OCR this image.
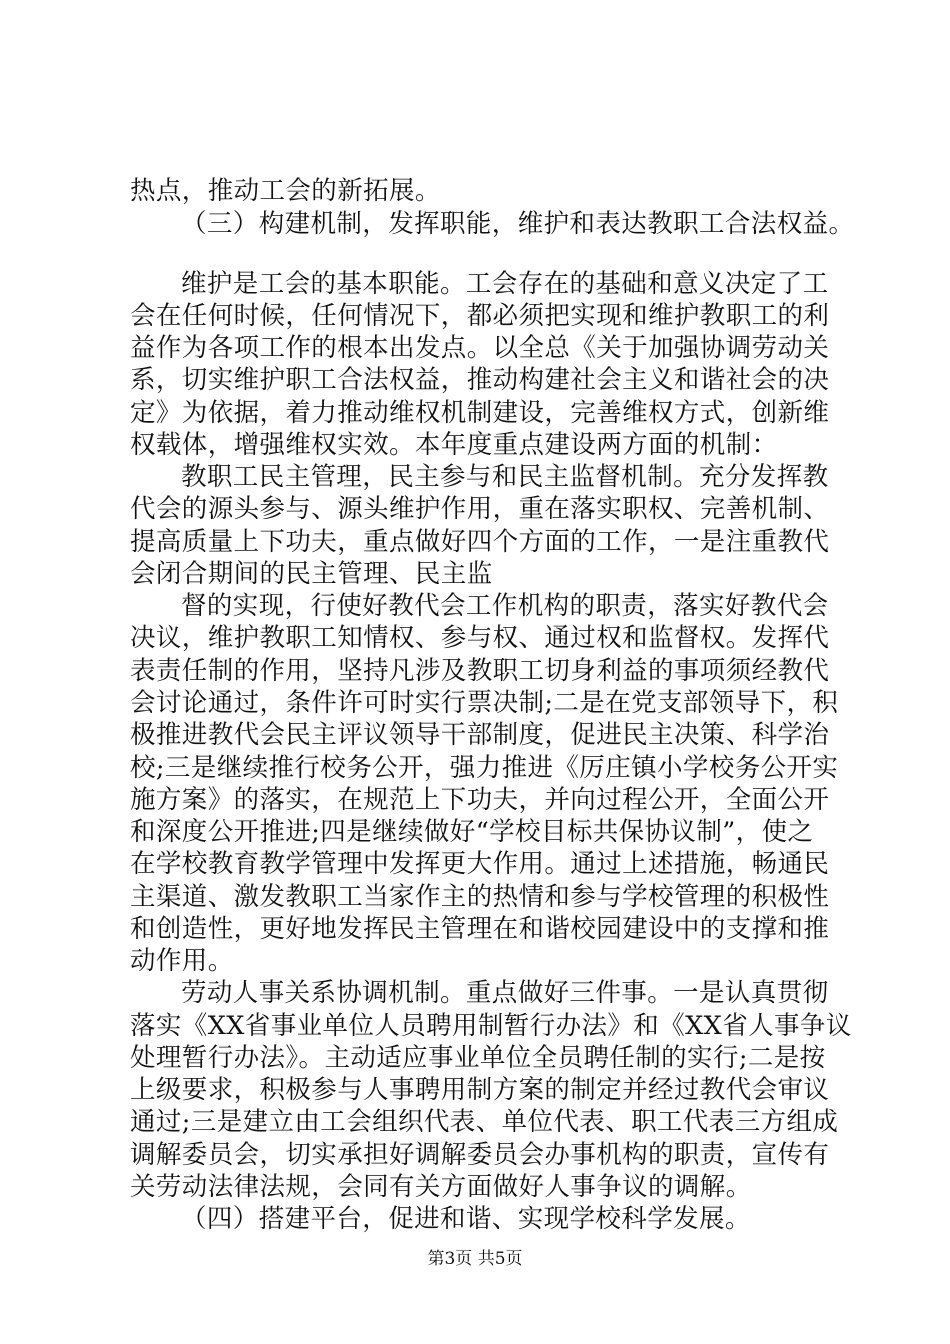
热点，推动工会的新拓展。
（三）构建机制，发挥职能，维护和表达教职工合法权益。
维护是工会的基本职能。工会存在的基础和意义决定了工
会在任何时候，任何情况下，都必须把实现和维护教职工的利
益作为各项工作的根本出发点。以全总《关于加强协调劳动关
系，切实维护职工合法权益，推动构建社会主义和谐社会的决
定》为依据，着力推动维权机制建设，完善维权方式，创新维
权载体，增强维权实效。本年度重点建设两方面的机制：
教职工民主管理，民主参与和民主监督机制。充分发挥教
代会的源头参与、源头维护作用，重在落实职权、完善机制、
提高质量上下功夫，重点做好四个方面的工作，一是注重教代
会闭合期间的民主管理、民主监
督的实现，行使好教代会工作机构的职责，落实好教代会
决议，维护教职工知情权、参与权、通过权和监督权。发挥代
表责任制的作用，坚持凡涉及教职工切身利益的事项须经教代
会讨论通过，条件许可时实行票决制;二是在党支部领导下，积
极推进教代会民主评议领导干部制度，促进民主决策、科学治
校;三是继续推行校务公开，强力推进《厉庄镇小学校务公开实
施方案》的落实，在规范上下功夫，并向过程公开，全面公开
和深度公开推进;四是继续做好“学校目标共保协议制”，使之
在学校教育教学管理中发挥更大作用。通过上述措施，畅通民
主渠道、激发教职工当家作主的热情和参与学校管理的积极性
和创造性，更好地发挥民主管理在和谐校园建设中的支撑和推
动作用。
劳动人事关系协调机制。重点做好三件事。一是认真贯彻
落实《XX省事业单位人员聘用制暂行办法》和《XX省人事争议
处理暂行办法》。主动适应事业单位全员聘任制的实行;二是按
上级要求，积极参与人事聘用制方案的制定并经过教代会审议
通过;三是建立由工会组织代表、单位代表、职工代表三方组成
调解委员会，切实承担好调解委员会办事机构的职责，宣传有
关劳动法律法规，会同有关方面做好人事争议的调解。
（四）搭建平台，促进和谐、实现学校科学发展。
第3页 共5页
